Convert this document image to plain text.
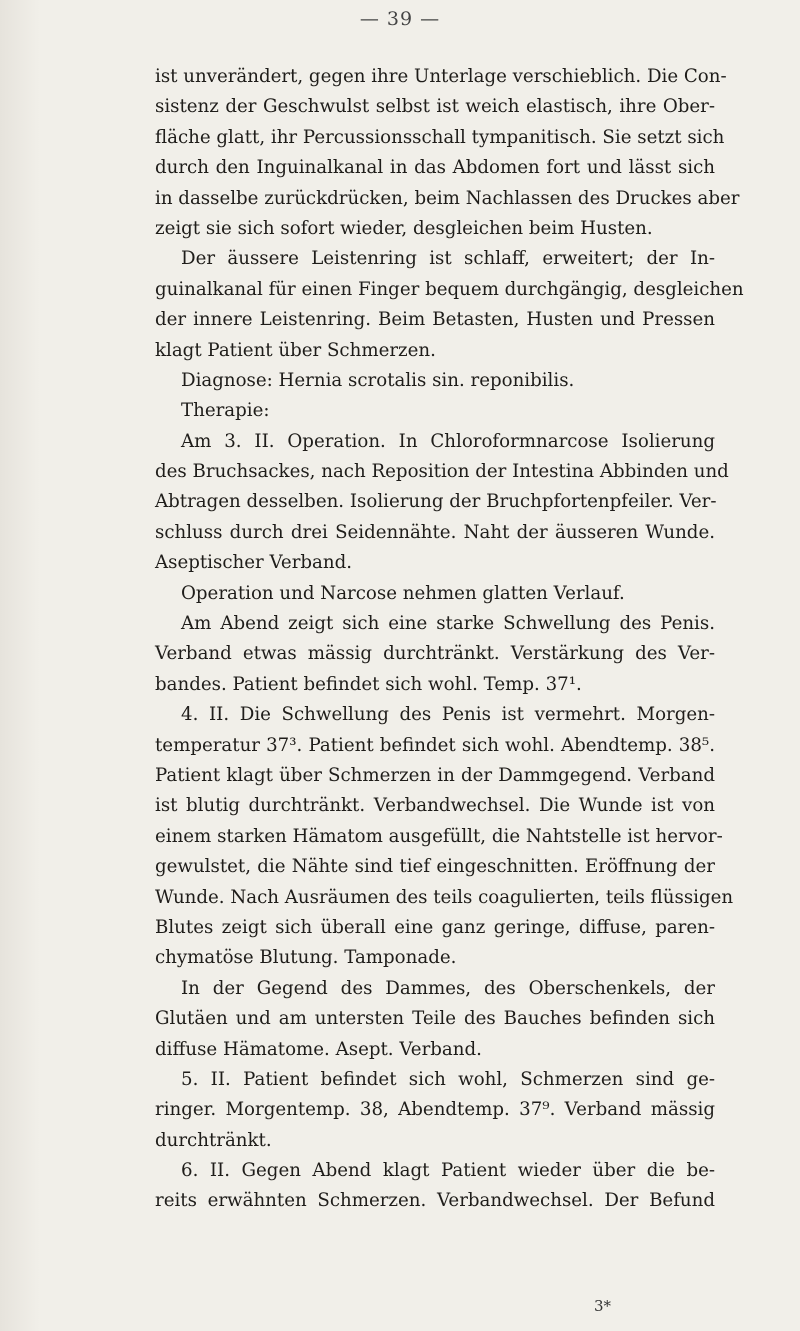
— 39 —
ist unverändert, gegen ihre Unterlage verschieblich. Die Con-
sistenz der Geschwulst selbst ist weich elastisch, ihre Ober-
fläche glatt, ihr Percussionsschall tympanitisch. Sie setzt sich
durch den Inguinalkanal in das Abdomen fort und lässt sich
in dasselbe zurückdrücken, beim Nachlassen des Druckes aber
zeigt sie sich sofort wieder, desgleichen beim Husten.
Der äussere Leistenring ist schlaff, erweitert; der In-
guinalkanal für einen Finger bequem durchgängig, desgleichen
der innere Leistenring. Beim Betasten, Husten und Pressen
klagt Patient über Schmerzen.
Diagnose: Hernia scrotalis sin. reponibilis.
Therapie:
Am 3. II. Operation. In Chloroformnarcose Isolierung
des Bruchsackes, nach Reposition der Intestina Abbinden und
Abtragen desselben. Isolierung der Bruchpfortenpfeiler. Ver-
schluss durch drei Seidennähte. Naht der äusseren Wunde.
Aseptischer Verband.
Operation und Narcose nehmen glatten Verlauf.
Am Abend zeigt sich eine starke Schwellung des Penis.
Verband etwas mässig durchtränkt. Verstärkung des Ver-
bandes. Patient befindet sich wohl. Temp. 37¹.
4. II. Die Schwellung des Penis ist vermehrt. Morgen-
temperatur 37³. Patient befindet sich wohl. Abendtemp. 38⁵.
Patient klagt über Schmerzen in der Dammgegend. Verband
ist blutig durchtränkt. Verbandwechsel. Die Wunde ist von
einem starken Hämatom ausgefüllt, die Nahtstelle ist hervor-
gewulstet, die Nähte sind tief eingeschnitten. Eröffnung der
Wunde. Nach Ausräumen des teils coagulierten, teils flüssigen
Blutes zeigt sich überall eine ganz geringe, diffuse, paren-
chymatöse Blutung. Tamponade.
In der Gegend des Dammes, des Oberschenkels, der
Glutäen und am untersten Teile des Bauches befinden sich
diffuse Hämatome. Asept. Verband.
5. II. Patient befindet sich wohl, Schmerzen sind ge-
ringer. Morgentemp. 38, Abendtemp. 37⁹. Verband mässig
durchtränkt.
6. II. Gegen Abend klagt Patient wieder über die be-
reits erwähnten Schmerzen. Verbandwechsel. Der Befund
3*
